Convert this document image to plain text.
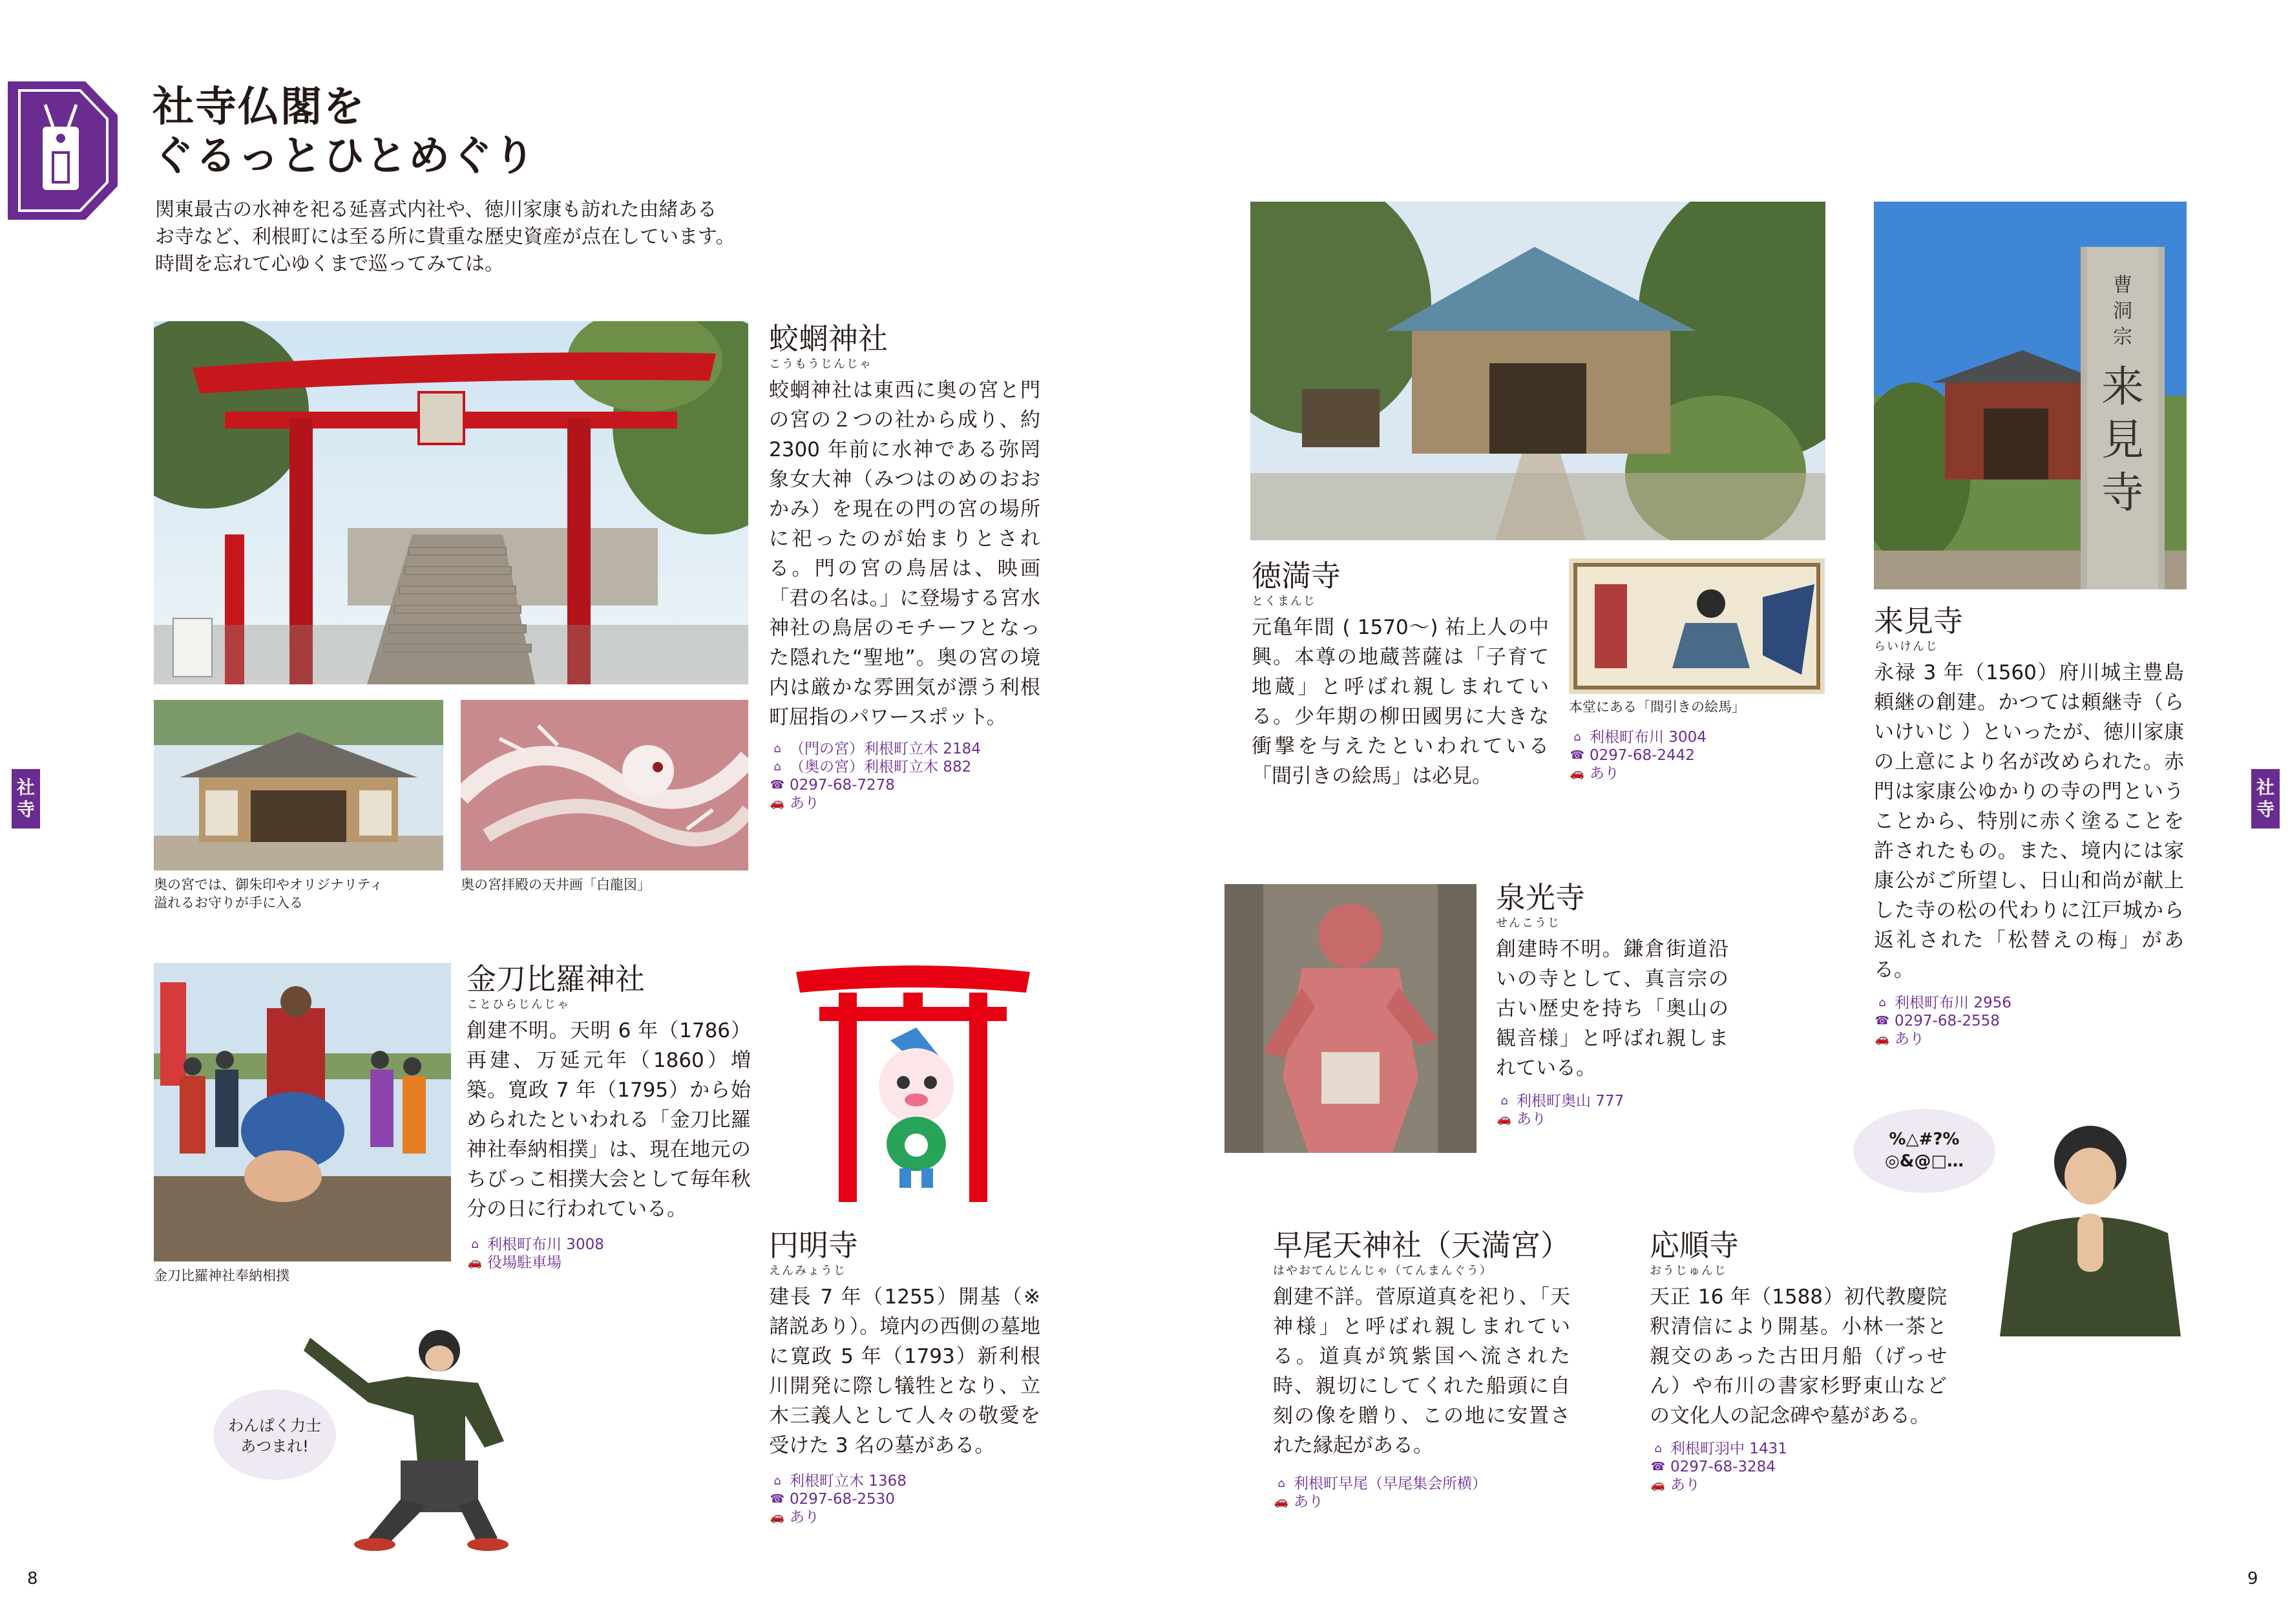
社寺仏閣を
ぐるっとひとめぐり
関東最古の水神を祀る延喜式内社や、徳川家康も訪れた由緒ある
お寺など、利根町には至る所に貴重な歴史資産が点在しています。
時間を忘れて心ゆくまで巡ってみては。
奥の宮では、御朱印やオリジナリティ
溢れるお守りが手に入る
奥の宮拝殿の天井画「白龍図」
蛟蝄神社
こうもうじんじゃ
蛟蝄神社は東西に奥の宮と門の宮の２つの社から成り、約 2300 年前に水神である弥罔象女大神（みつはのめのおおかみ）を現在の門の宮の場所に祀ったのが始まりとされる。門の宮の鳥居は、映画「君の名は。」に登場する宮水神社の鳥居のモチーフとなった隠れた“聖地”。奥の宮の境内は厳かな雰囲気が漂う利根町屈指のパワースポット。
⌂ （門の宮）利根町立木 2184
⌂ （奥の宮）利根町立木 882
☎ 0297-68-7278
🚗 あり
金刀比羅神社奉納相撲
金刀比羅神社
ことひらじんじゃ
創建不明。天明 6 年（1786）再建、万延元年（1860）増築。寛政 7 年（1795）から始められたといわれる「金刀比羅神社奉納相撲」は、現在地元のちびっこ相撲大会として毎年秋分の日に行われている。
⌂ 利根町布川 3008
🚗 役場駐車場	円明寺
えんみょうじ
建長 7 年（1255）開基（※諸説あり）。境内の西側の墓地に寛政 5 年（1793）新利根川開発に際し犠牲となり、立木三義人として人々の敬愛を受けた 3 名の墓がある。
⌂ 利根町立木 1368
☎ 0297-68-2530
🚗 あり
わんぱく力士
あつまれ!
社寺
社寺
8	9
徳満寺
とくまんじ
元亀年間 ( 1570〜) 祐上人の中興。本尊の地蔵菩薩は「子育て地蔵」と呼ばれ親しまれている。少年期の柳田國男に大きな衝撃を与えたといわれている「間引きの絵馬」は必見。
本堂にある「間引きの絵馬」
⌂ 利根町布川 3004
☎ 0297-68-2442
🚗 あり
曹洞宗
来見寺
来見寺
らいけんじ
永禄 3 年（1560）府川城主豊島頼継の創建。かつては頼継寺（らいけいじ ）といったが、徳川家康の上意により名が改められた。赤門は家康公ゆかりの寺の門ということから、特別に赤く塗ることを許されたもの。また、境内には家康公がご所望し、日山和尚が献上した寺の松の代わりに江戸城から返礼された「松替えの梅」がある。
⌂ 利根町布川 2956
☎ 0297-68-2558
🚗 あり
泉光寺
せんこうじ
創建時不明。鎌倉街道沿いの寺として、真言宗の古い歴史を持ち「奥山の観音様」と呼ばれ親しまれている。
⌂ 利根町奥山 777
🚗 あり
早尾天神社（天満宮）
はやおてんじんじゃ（てんまんぐう）
創建不詳。菅原道真を祀り、「天神様」と呼ばれ親しまれている。道真が筑紫国へ流された時、親切にしてくれた船頭に自刻の像を贈り、この地に安置された縁起がある。
⌂ 利根町早尾（早尾集会所横）
🚗 あり
応順寺
おうじゅんじ
天正 16 年（1588）初代教慶院釈清信により開基。小林一茶と親交のあった古田月船（げっせん）や布川の書家杉野東山などの文化人の記念碑や墓がある。
⌂ 利根町羽中 1431
☎ 0297-68-3284
🚗 あり
%△#?%
◎&@□…
